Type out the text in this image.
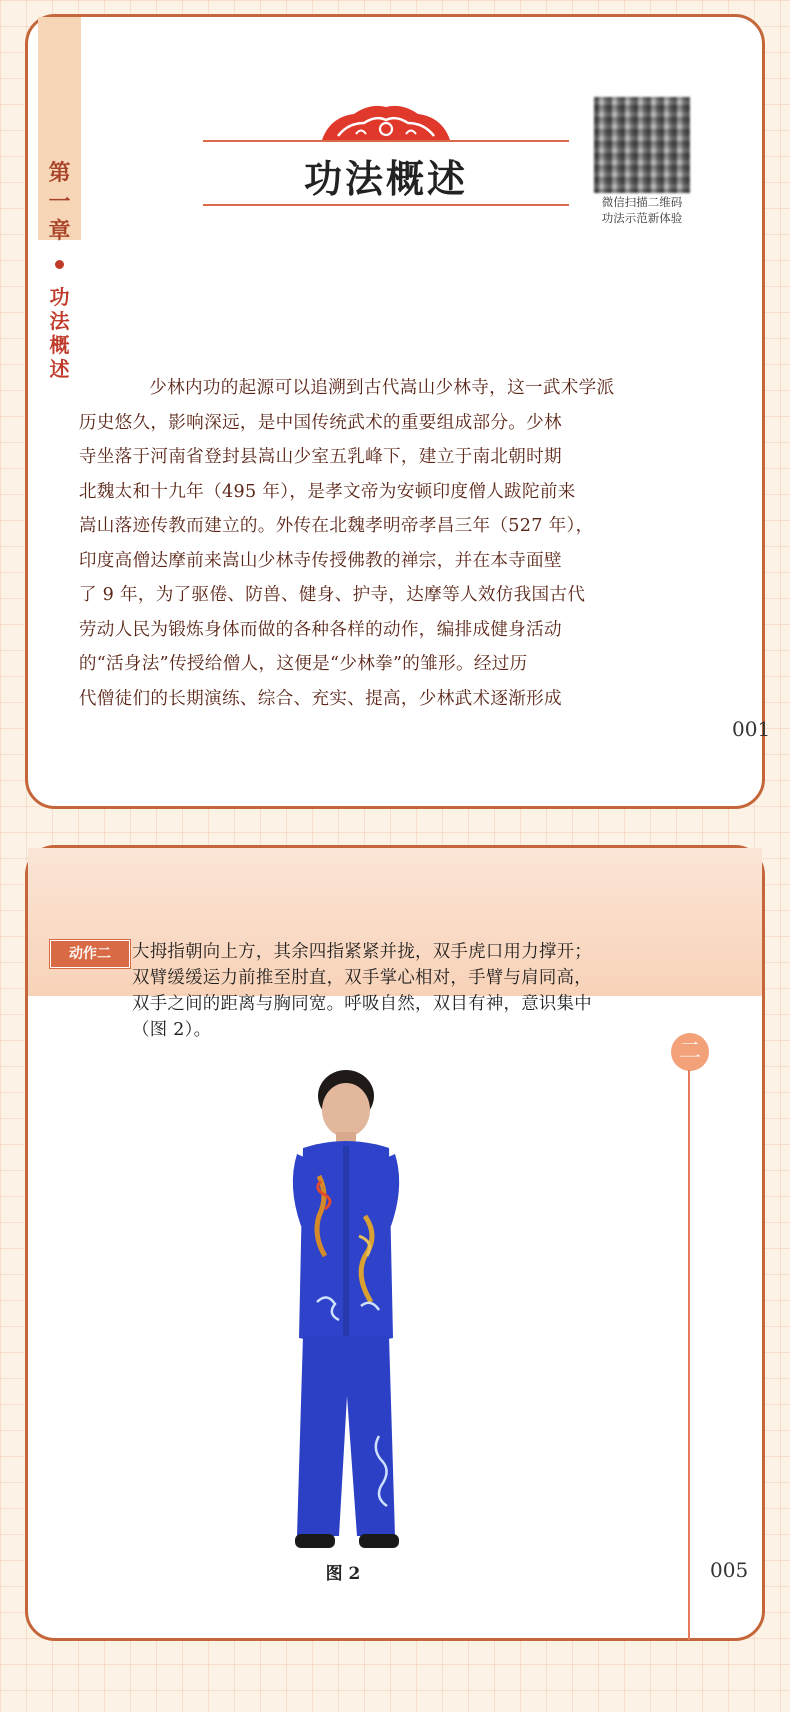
第
一
章
功
法
概
述
功法概述
微信扫描二维码
功法示范新体验

少林内功的起源可以追溯到古代嵩山少林寺，这一武术学派
历史悠久，影响深远，是中国传统武术的重要组成部分。少林
寺坐落于河南省登封县嵩山少室五乳峰下，建立于南北朝时期
北魏太和十九年（495 年），是孝文帝为安顿印度僧人跋陀前来
嵩山落迹传教而建立的。外传在北魏孝明帝孝昌三年（527 年），
印度高僧达摩前来嵩山少林寺传授佛教的禅宗，并在本寺面壁
了 9 年，为了驱倦、防兽、健身、护寺，达摩等人效仿我国古代
劳动人民为锻炼身体而做的各种各样的动作，编排成健身活动
的“活身法”传授给僧人，这便是“少林拳”的雏形。经过历
代僧徒们的长期演练、综合、充实、提高，少林武术逐渐形成

001
动作二	大拇指朝向上方，其余四指紧紧并拢，双手虎口用力撑开；
双臂缓缓运力前推至肘直，双手掌心相对，手臂与肩同高，
双手之间的距离与胸同宽。呼吸自然，双目有神，意识集中
（图 2）。

二
图 2	005
